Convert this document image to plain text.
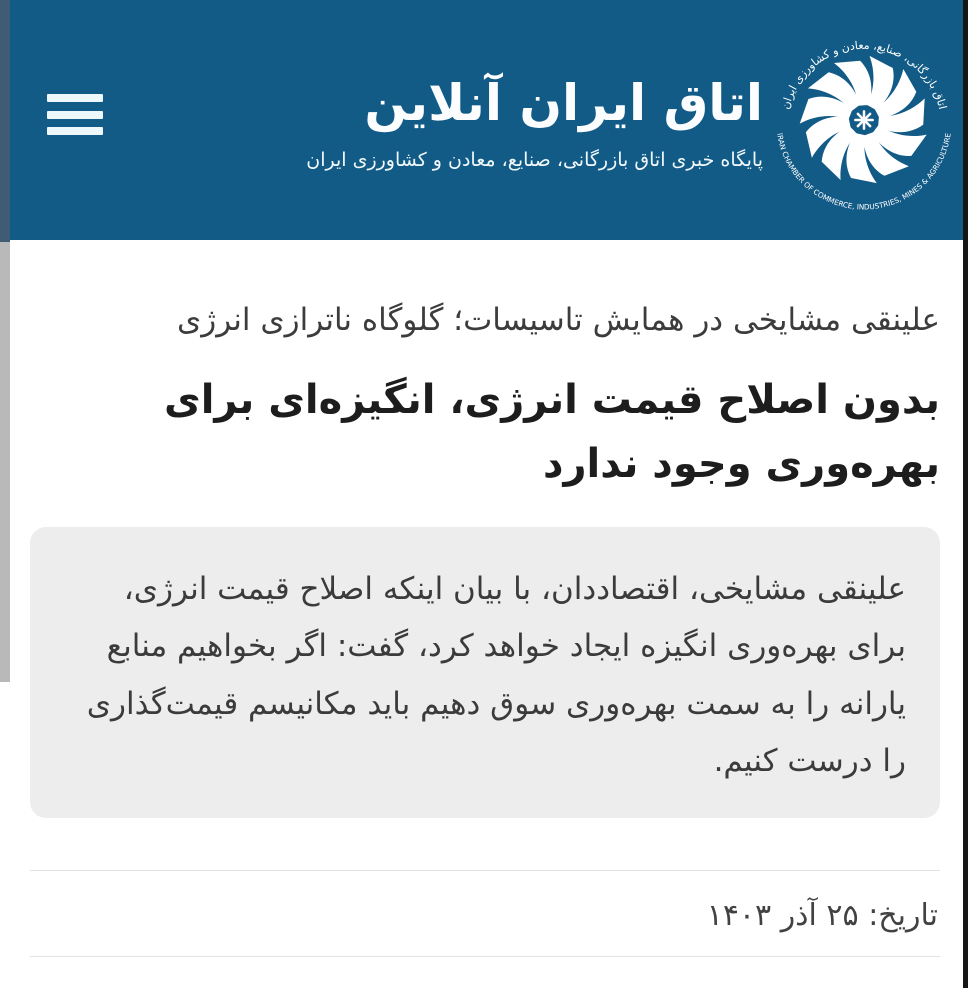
اتاق بازرگانی، صنایع، معادن و کشاورزی ایران
IRAN CHAMBER OF COMMERCE, INDUSTRIES, MINES & AGRICULTURE
اتاق ایران آنلاین
پایگاه خبری اتاق بازرگانی، صنایع، معادن و کشاورزی ایران

علینقی مشایخی در همایش تاسیسات؛ گلوگاه ناترازی انرژی

بدون اصلاح قیمت انرژی، انگیزه‌ای برای بهره‌وری وجود ندارد

علینقی مشایخی، اقتصاددان، با بیان اینکه اصلاح قیمت انرژی، برای بهره‌وری انگیزه ایجاد خواهد کرد، گفت: اگر بخواهیم منابع یارانه را به سمت بهره‌وری سوق دهیم باید مکانیسم قیمت‌گذاری را درست کنیم.

تاریخ: ۲۵ آذر ۱۴۰۳
